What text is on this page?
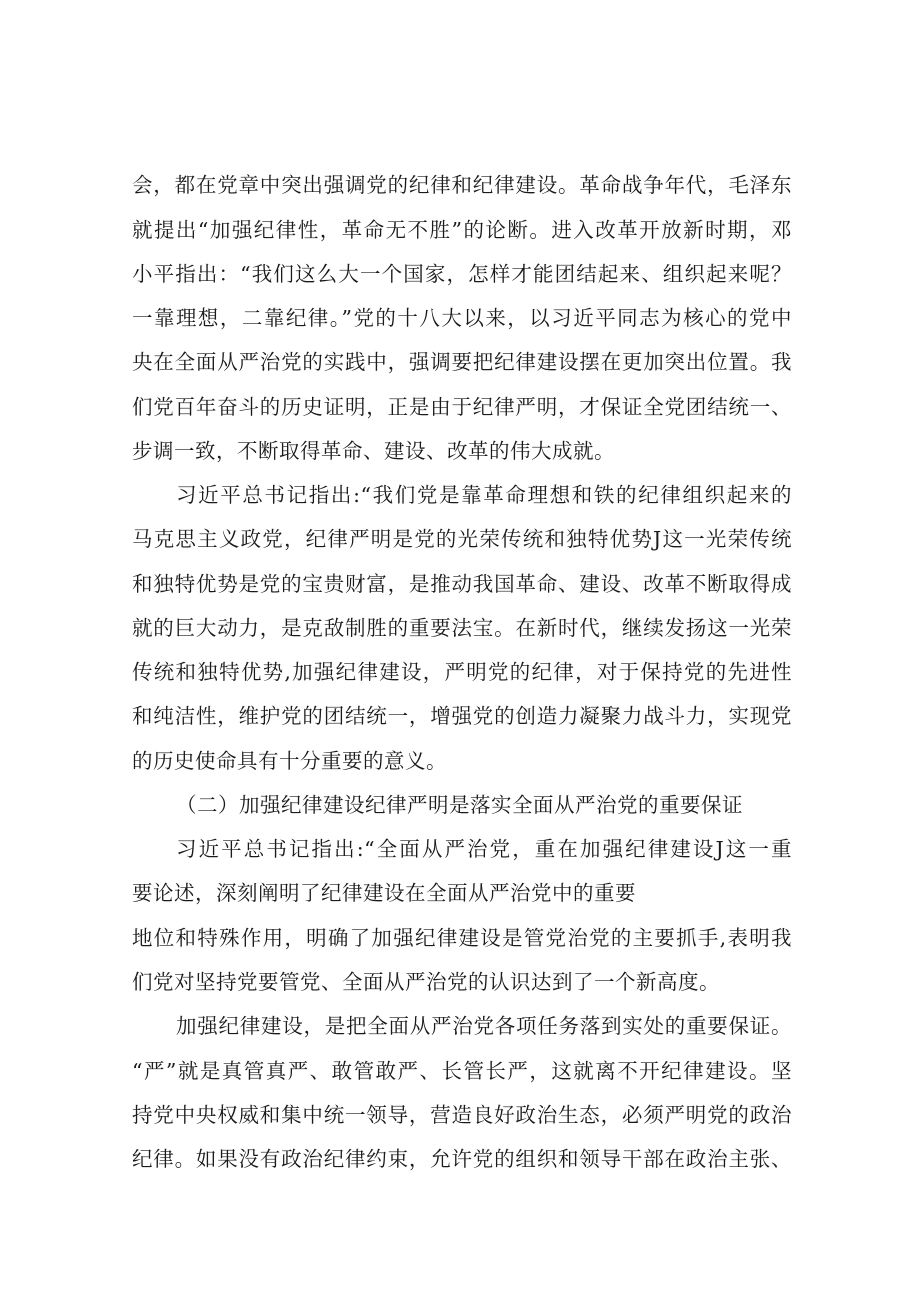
会，都在党章中突出强调党的纪律和纪律建设。革命战争年代，毛泽东
就提出“加强纪律性，革命无不胜”的论断。进入改革开放新时期，邓
小平指出：“我们这么大一个国家，怎样才能团结起来、组织起来呢？
一靠理想，二靠纪律。”党的十八大以来，以习近平同志为核心的党中
央在全面从严治党的实践中，强调要把纪律建设摆在更加突出位置。我
们党百年奋斗的历史证明，正是由于纪律严明，才保证全党团结统一、
步调一致，不断取得革命、建设、改革的伟大成就。
习近平总书记指出:“我们党是靠革命理想和铁的纪律组织起来的
马克思主义政党，纪律严明是党的光荣传统和独特优势J这一光荣传统
和独特优势是党的宝贵财富，是推动我国革命、建设、改革不断取得成
就的巨大动力，是克敌制胜的重要法宝。在新时代，继续发扬这一光荣
传统和独特优势,加强纪律建设，严明党的纪律，对于保持党的先进性
和纯洁性，维护党的团结统一，增强党的创造力凝聚力战斗力，实现党
的历史使命具有十分重要的意义。
（二）加强纪律建设纪律严明是落实全面从严治党的重要保证
习近平总书记指出:“全面从严治党，重在加强纪律建设J这一重
要论述，深刻阐明了纪律建设在全面从严治党中的重要
地位和特殊作用，明确了加强纪律建设是管党治党的主要抓手,表明我
们党对坚持党要管党、全面从严治党的认识达到了一个新高度。
加强纪律建设，是把全面从严治党各项任务落到实处的重要保证。
“严”就是真管真严、敢管敢严、长管长严，这就离不开纪律建设。坚
持党中央权威和集中统一领导，营造良好政治生态，必须严明党的政治
纪律。如果没有政治纪律约束，允许党的组织和领导干部在政治主张、
